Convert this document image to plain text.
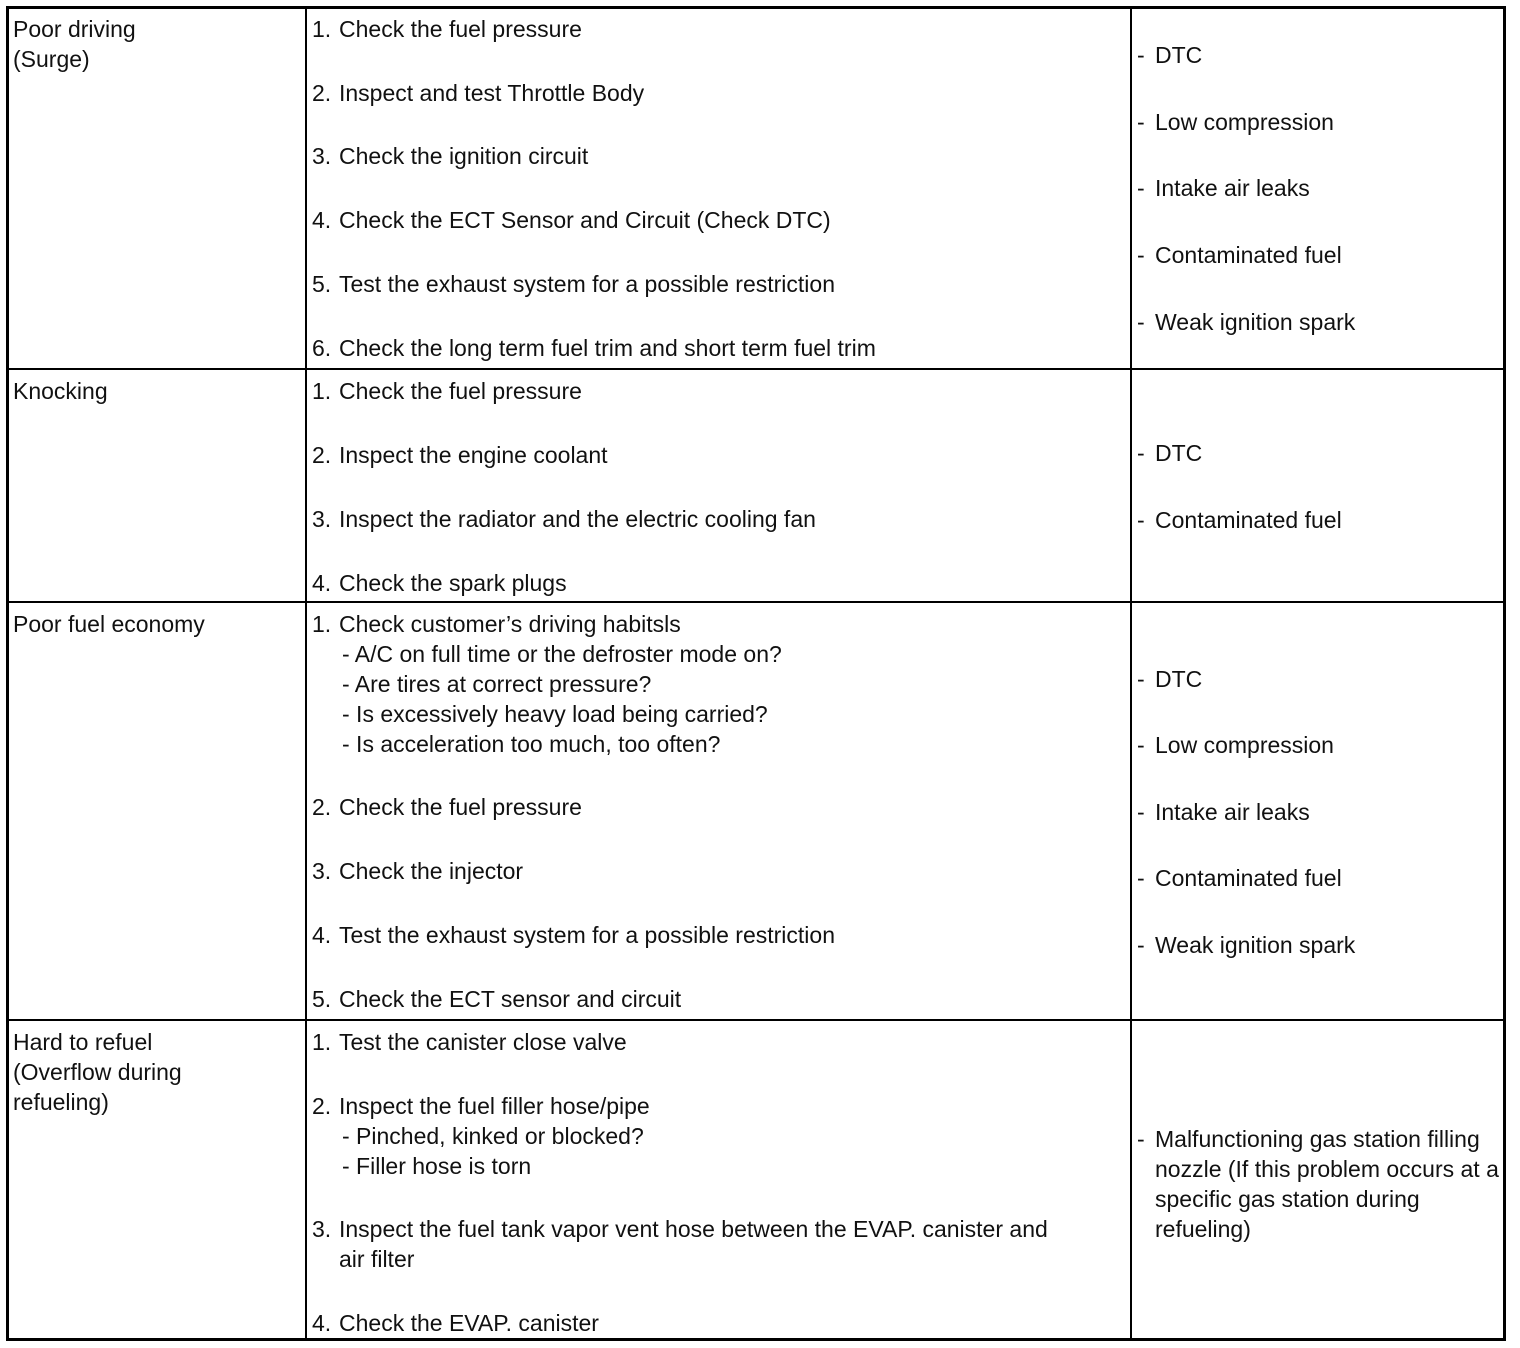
Poor driving
(Surge)
1. Check the fuel pressure
2. Inspect and test Throttle Body
3. Check the ignition circuit
4. Check the ECT Sensor and Circuit (Check DTC)
5. Test the exhaust system for a possible restriction
6. Check the long term fuel trim and short term fuel trim
- DTC
- Low compression
- Intake air leaks
- Contaminated fuel
- Weak ignition spark
Knocking	1. Check the fuel pressure
2. Inspect the engine coolant
3. Inspect the radiator and the electric cooling fan
4. Check the spark plugs
- DTC
- Contaminated fuel
Poor fuel economy	1. Check customer’s driving habitsls
- A/C on full time or the defroster mode on?
- Are tires at correct pressure?
- Is excessively heavy load being carried?
- Is acceleration too much, too often?
2. Check the fuel pressure
3. Check the injector
4. Test the exhaust system for a possible restriction
5. Check the ECT sensor and circuit
- DTC
- Low compression
- Intake air leaks
- Contaminated fuel
- Weak ignition spark
Hard to refuel
(Overflow during
refueling)
1. Test the canister close valve
2. Inspect the fuel filler hose/pipe
- Pinched, kinked or blocked?
- Filler hose is torn
3. Inspect the fuel tank vapor vent hose between the EVAP. canister and
air filter
4. Check the EVAP. canister
- Malfunctioning gas station filling nozzle (If this problem occurs at a specific gas station during refueling)
